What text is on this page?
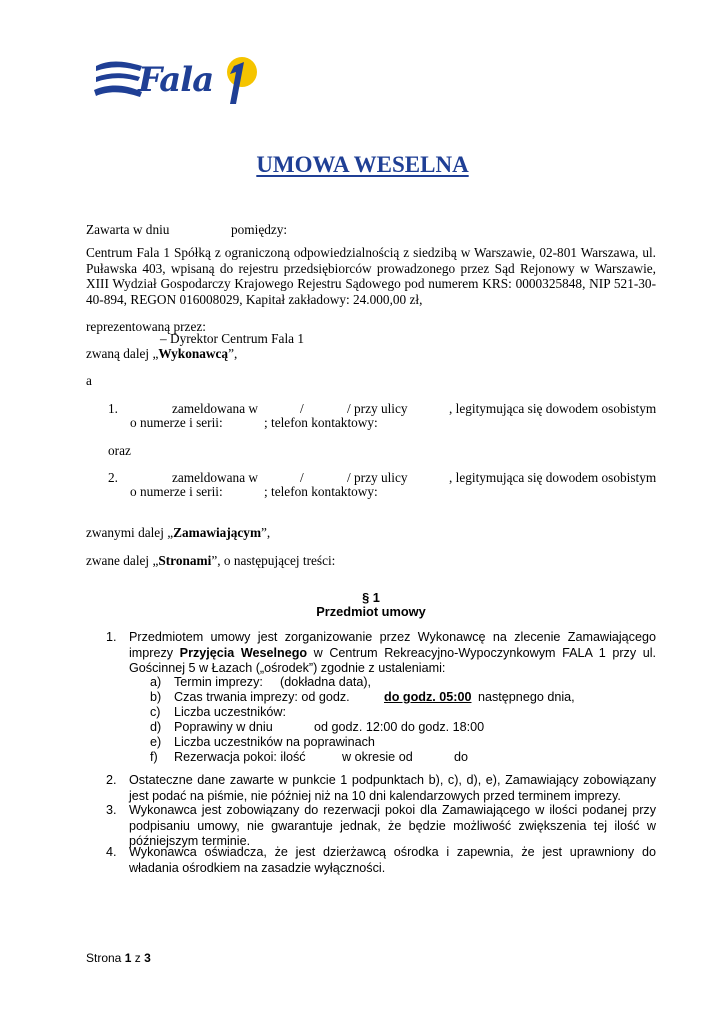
Fala
UMOWA WESELNA
Zawarta w dniu	pomiędzy:

Centrum Fala 1 Spółką z ograniczoną odpowiedzialnością z siedzibą w Warszawie, 02-801 Warszawa, ul. Puławska 403, wpisaną do rejestru przedsiębiorców prowadzonego przez Sąd Rejonowy w Warszawie, XIII Wydział Gospodarczy Krajowego Rejestru Sądowego pod numerem KRS: 0000325848, NIP 521-30-40-894, REGON 016008029, Kapitał zakładowy: 24.000,00 zł,

reprezentowaną przez:
– Dyrektor Centrum Fala 1
zwaną dalej „Wykonawcą”,
a
1.	zameldowana w	/	/ przy ulicy	, legitymująca się dowodem osobistym
o numerze i serii:	; telefon kontaktowy:
oraz
2.	zameldowana w	/	/ przy ulicy	, legitymująca się dowodem osobistym
o numerze i serii:	; telefon kontaktowy:
zwanymi dalej „Zamawiającym”,
zwane dalej „Stronami”, o następującej treści:
§ 1
Przedmiot umowy
1. Przedmiotem umowy jest zorganizowanie przez Wykonawcę na zlecenie Zamawiającego imprezy Przyjęcia Weselnego w Centrum Rekreacyjno-Wypoczynkowym FALA 1 przy ul. Gościnnej 5 w Łazach („ośrodek”) zgodnie z ustaleniami:
a) Termin imprezy: (dokładna data),
b) Czas trwania imprezy: od godz.	do godz. 05:00 następnego dnia,
c) Liczba uczestników:
d) Poprawiny w dniu	od godz. 12:00 do godz. 18:00
e) Liczba uczestników na poprawinach
f) Rezerwacja pokoi: ilość	w okresie od	do
2. Ostateczne dane zawarte w punkcie 1 podpunktach b), c), d), e), Zamawiający zobowiązany jest podać na piśmie, nie później niż na 10 dni kalendarzowych przed terminem imprezy.
3. Wykonawca jest zobowiązany do rezerwacji pokoi dla Zamawiającego w ilości podanej przy podpisaniu umowy, nie gwarantuje jednak, że będzie możliwość zwiększenia tej ilość w późniejszym terminie.
4. Wykonawca oświadcza, że jest dzierżawcą ośrodka i zapewnia, że jest uprawniony do władania ośrodkiem na zasadzie wyłączności.
Strona 1 z 3
